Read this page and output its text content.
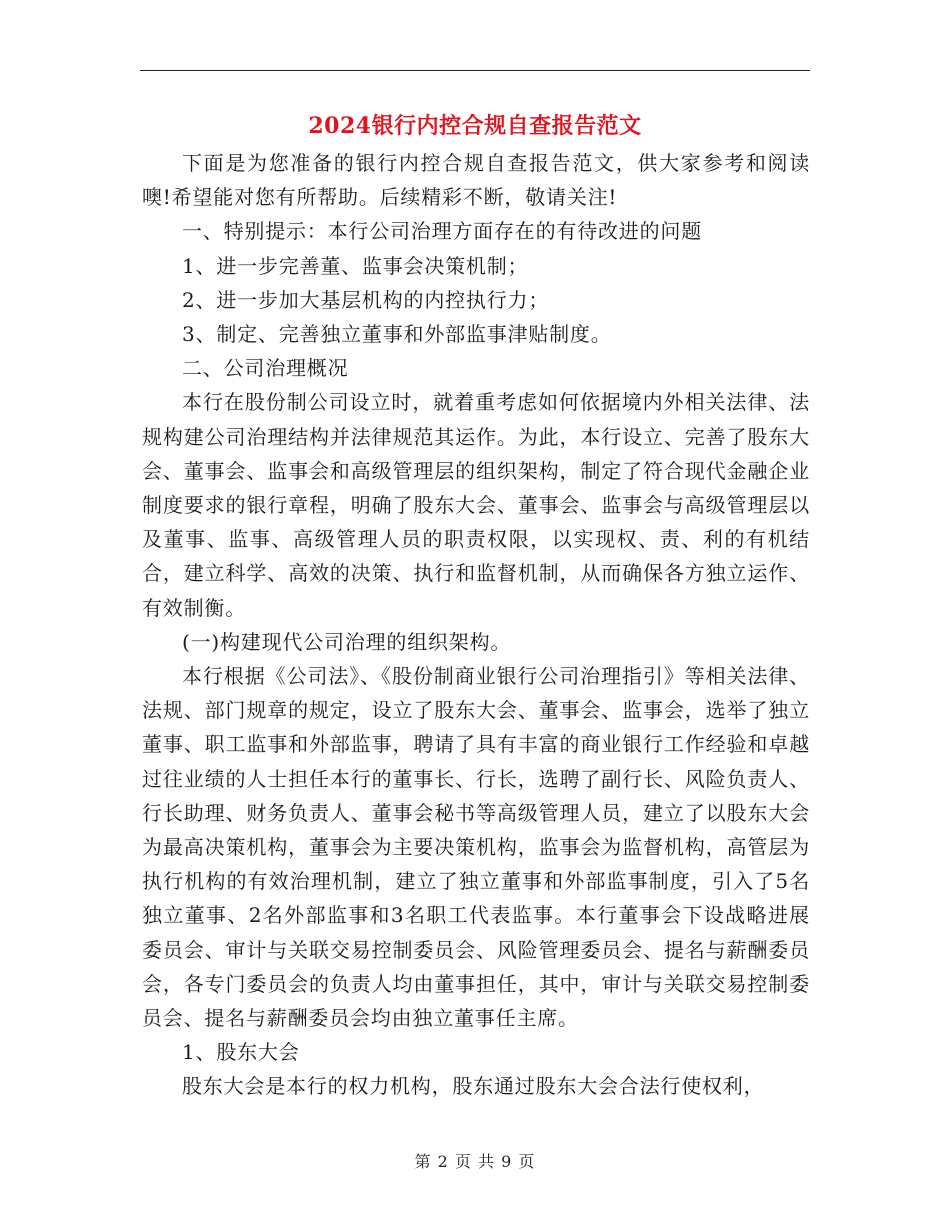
2024银行内控合规自查报告范文

下面是为您准备的银行内控合规自查报告范文，供大家参考和阅读噢!希望能对您有所帮助。后续精彩不断，敬请关注!

一、特别提示：本行公司治理方面存在的有待改进的问题

1、进一步完善董、监事会决策机制；

2、进一步加大基层机构的内控执行力；

3、制定、完善独立董事和外部监事津贴制度。

二、公司治理概况

本行在股份制公司设立时，就着重考虑如何依据境内外相关法律、法规构建公司治理结构并法律规范其运作。为此，本行设立、完善了股东大会、董事会、监事会和高级管理层的组织架构，制定了符合现代金融企业制度要求的银行章程，明确了股东大会、董事会、监事会与高级管理层以及董事、监事、高级管理人员的职责权限，以实现权、责、利的有机结合，建立科学、高效的决策、执行和监督机制，从而确保各方独立运作、有效制衡。

(一)构建现代公司治理的组织架构。

本行根据《公司法》、《股份制商业银行公司治理指引》等相关法律、法规、部门规章的规定，设立了股东大会、董事会、监事会，选举了独立董事、职工监事和外部监事，聘请了具有丰富的商业银行工作经验和卓越过往业绩的人士担任本行的董事长、行长，选聘了副行长、风险负责人、行长助理、财务负责人、董事会秘书等高级管理人员，建立了以股东大会为最高决策机构，董事会为主要决策机构，监事会为监督机构，高管层为执行机构的有效治理机制，建立了独立董事和外部监事制度，引入了5名独立董事、2名外部监事和3名职工代表监事。本行董事会下设战略进展委员会、审计与关联交易控制委员会、风险管理委员会、提名与薪酬委员会，各专门委员会的负责人均由董事担任，其中，审计与关联交易控制委员会、提名与薪酬委员会均由独立董事任主席。

1、股东大会

股东大会是本行的权力机构，股东通过股东大会合法行使权利，

第 2 页 共 9 页
